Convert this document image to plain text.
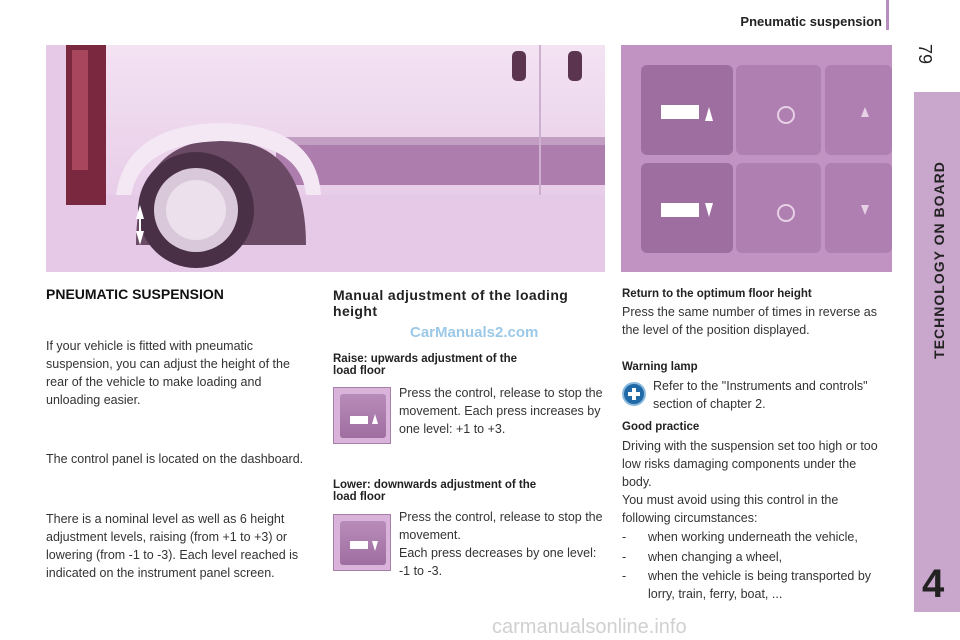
Pneumatic suspension
79
TECHNOLOGY ON BOARD
4
PNEUMATIC SUSPENSION
If your vehicle is fitted with pneumatic suspension, you can adjust the height of the rear of the vehicle to make loading and unloading easier.
The control panel is located on the dashboard.
There is a nominal level as well as 6 height adjustment levels, raising (from +1 to +3) or lowering (from -1 to -3). Each level reached is indicated on the instrument panel screen.
Manual adjustment of the loading height
CarManuals2.com
Raise: upwards adjustment of the load floor
Press the control, release to stop the movement. Each press increases by one level: +1 to +3.
Lower: downwards adjustment of the load floor
Press the control, release to stop the movement.
Each press decreases by one level: -1 to -3.
Return to the optimum floor height
Press the same number of times in reverse as the level of the position displayed.
Warning lamp
Refer to the "Instruments and controls" section of chapter 2.
Good practice
Driving with the suspension set too high or too low risks damaging components under the body.
You must avoid using this control in the following circumstances:
- when working underneath the vehicle,
- when changing a wheel,
- when the vehicle is being transported by lorry, train, ferry, boat, ...
carmanualsonline.info
